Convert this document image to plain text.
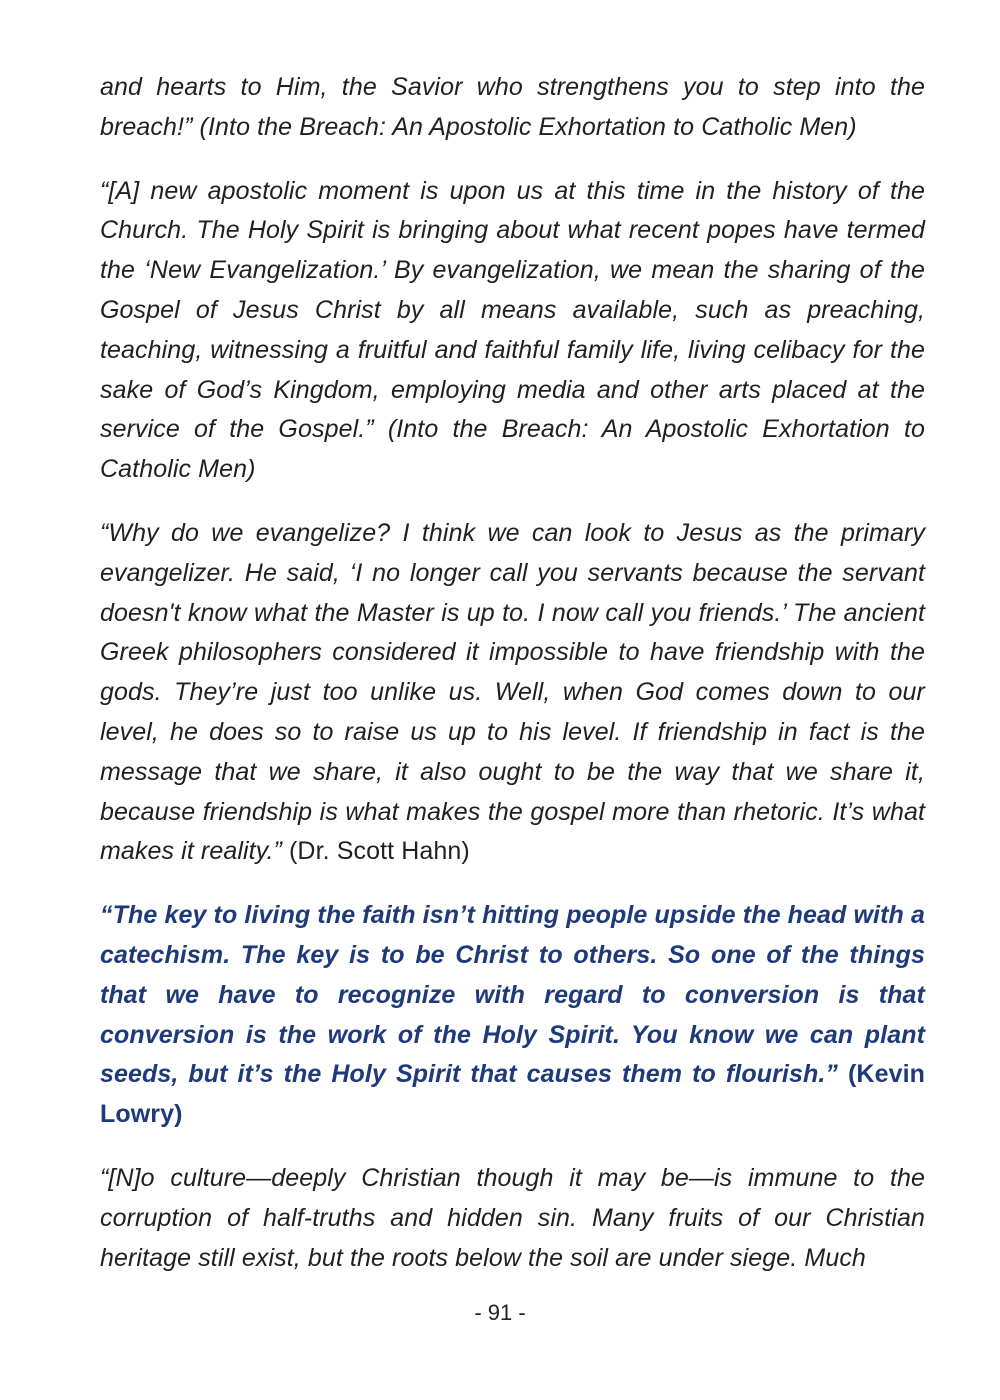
and hearts to Him, the Savior who strengthens you to step into the breach!” (Into the Breach: An Apostolic Exhortation to Catholic Men)

“[A] new apostolic moment is upon us at this time in the history of the Church. The Holy Spirit is bringing about what recent popes have termed the ‘New Evangelization.’ By evangelization, we mean the sharing of the Gospel of Jesus Christ by all means available, such as preaching, teaching, witnessing a fruitful and faithful family life, living celibacy for the sake of God’s Kingdom, employing media and other arts placed at the service of the Gospel.” (Into the Breach: An Apostolic Exhortation to Catholic Men)

“Why do we evangelize? I think we can look to Jesus as the primary evangelizer. He said, ‘I no longer call you servants because the servant doesn't know what the Master is up to. I now call you friends.’ The ancient Greek philosophers considered it impossible to have friendship with the gods. They’re just too unlike us. Well, when God comes down to our level, he does so to raise us up to his level. If friendship in fact is the message that we share, it also ought to be the way that we share it, because friendship is what makes the gospel more than rhetoric. It’s what makes it reality.” (Dr. Scott Hahn)

“The key to living the faith isn’t hitting people upside the head with a catechism. The key is to be Christ to others. So one of the things that we have to recognize with regard to conversion is that conversion is the work of the Holy Spirit. You know we can plant seeds, but it’s the Holy Spirit that causes them to flourish.” (Kevin Lowry)

“[N]o culture—deeply Christian though it may be—is immune to the corruption of half-truths and hidden sin. Many fruits of our Christian heritage still exist, but the roots below the soil are under siege. Much

- 91 -
